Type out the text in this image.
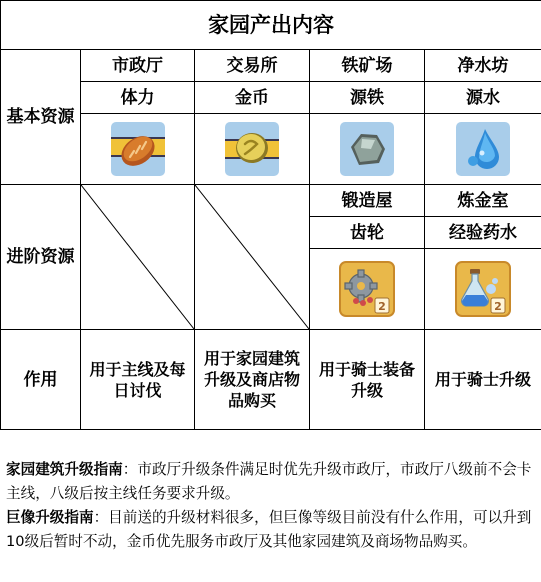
家园产出内容				
基本资源	市政厅	交易所	铁矿场	净水坊
	体力	金币	源铁	源水

进阶资源			锻造屋	炼金室
			齿轮	经验药水

2	2

作用	用于主线及每日讨伐	用于家园建筑升级及商店物品购买	用于骑士装备升级	用于骑士升级
家园建筑升级指南：市政厅升级条件满足时优先升级市政厅，市政厅八级前不会卡主线，八级后按主线任务要求升级。
巨像升级指南：目前送的升级材料很多，但巨像等级目前没有什么作用，可以升到10级后暂时不动，金币优先服务市政厅及其他家园建筑及商场物品购买。
